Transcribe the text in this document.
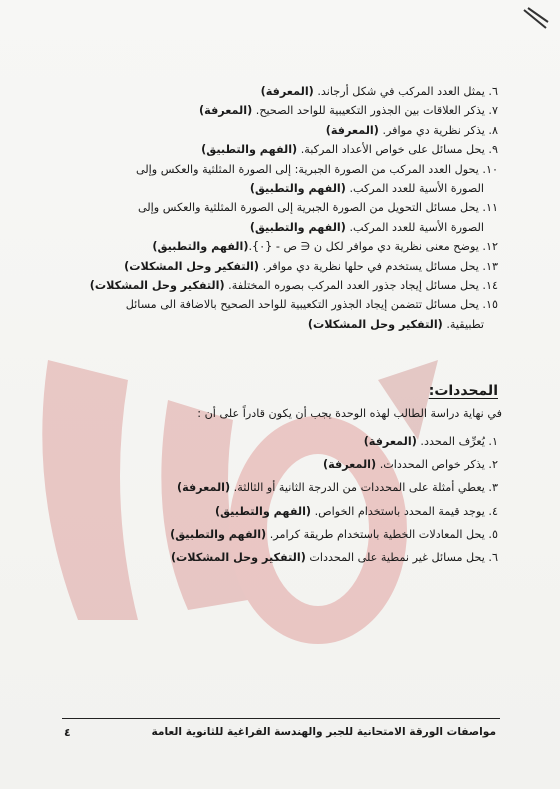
٦. يمثل العدد المركب في شكل أرجاند. (المعرفة)
٧. يذكر العلاقات بين الجذور التكعيبية للواحد الصحيح. (المعرفة)
٨. يذكر نظرية دي موافر. (المعرفة)
٩. يحل مسائل على خواص الأعداد المركبة. (الفهم والتطبيق)
١٠. يحول العدد المركب من الصورة الجبرية: إلى الصورة المثلثية والعكس وإلى
الصورة الأسية للعدد المركب. (الفهم والتطبيق)
١١. يحل مسائل التحويل من الصورة الجبرية إلى الصورة المثلثية والعكس وإلى
الصورة الأسية للعدد المركب. (الفهم والتطبيق)
١٢. يوضح معنى نظرية دي موافر لكل ن ∈ ص - {٠}.(الفهم والتطبيق)
١٣. يحل مسائل يستخدم في حلها نظرية دي موافر. (التفكير وحل المشكلات)
١٤. يحل مسائل إيجاد جذور العدد المركب بصوره المختلفة. (التفكير وحل المشكلات)
١٥. يحل مسائل تتضمن إيجاد الجذور التكعيبية للواحد الصحيح بالاضافة الى مسائل
تطبيقية. (التفكير وحل المشكلات)
المحددات:
في نهاية دراسة الطالب لهذه الوحدة يجب أن يكون قادراً على أن :
١. يُعرِّف المحدد. (المعرفة)
٢. يذكر خواص المحددات. (المعرفة)
٣. يعطي أمثلة على المحددات من الدرجة الثانية أو الثالثة. (المعرفة)
٤. يوجد قيمة المحدد باستخدام الخواص. (الفهم والتطبيق)
٥. يحل المعادلات الخطية باستخدام طريقة كرامر. (الفهم والتطبيق)
٦. يحل مسائل غير نمطية على المحددات (التفكير وحل المشكلات)
مواصفات الورقة الامتحانية للجبر والهندسة الفراغية للثانوية العامة
٤
